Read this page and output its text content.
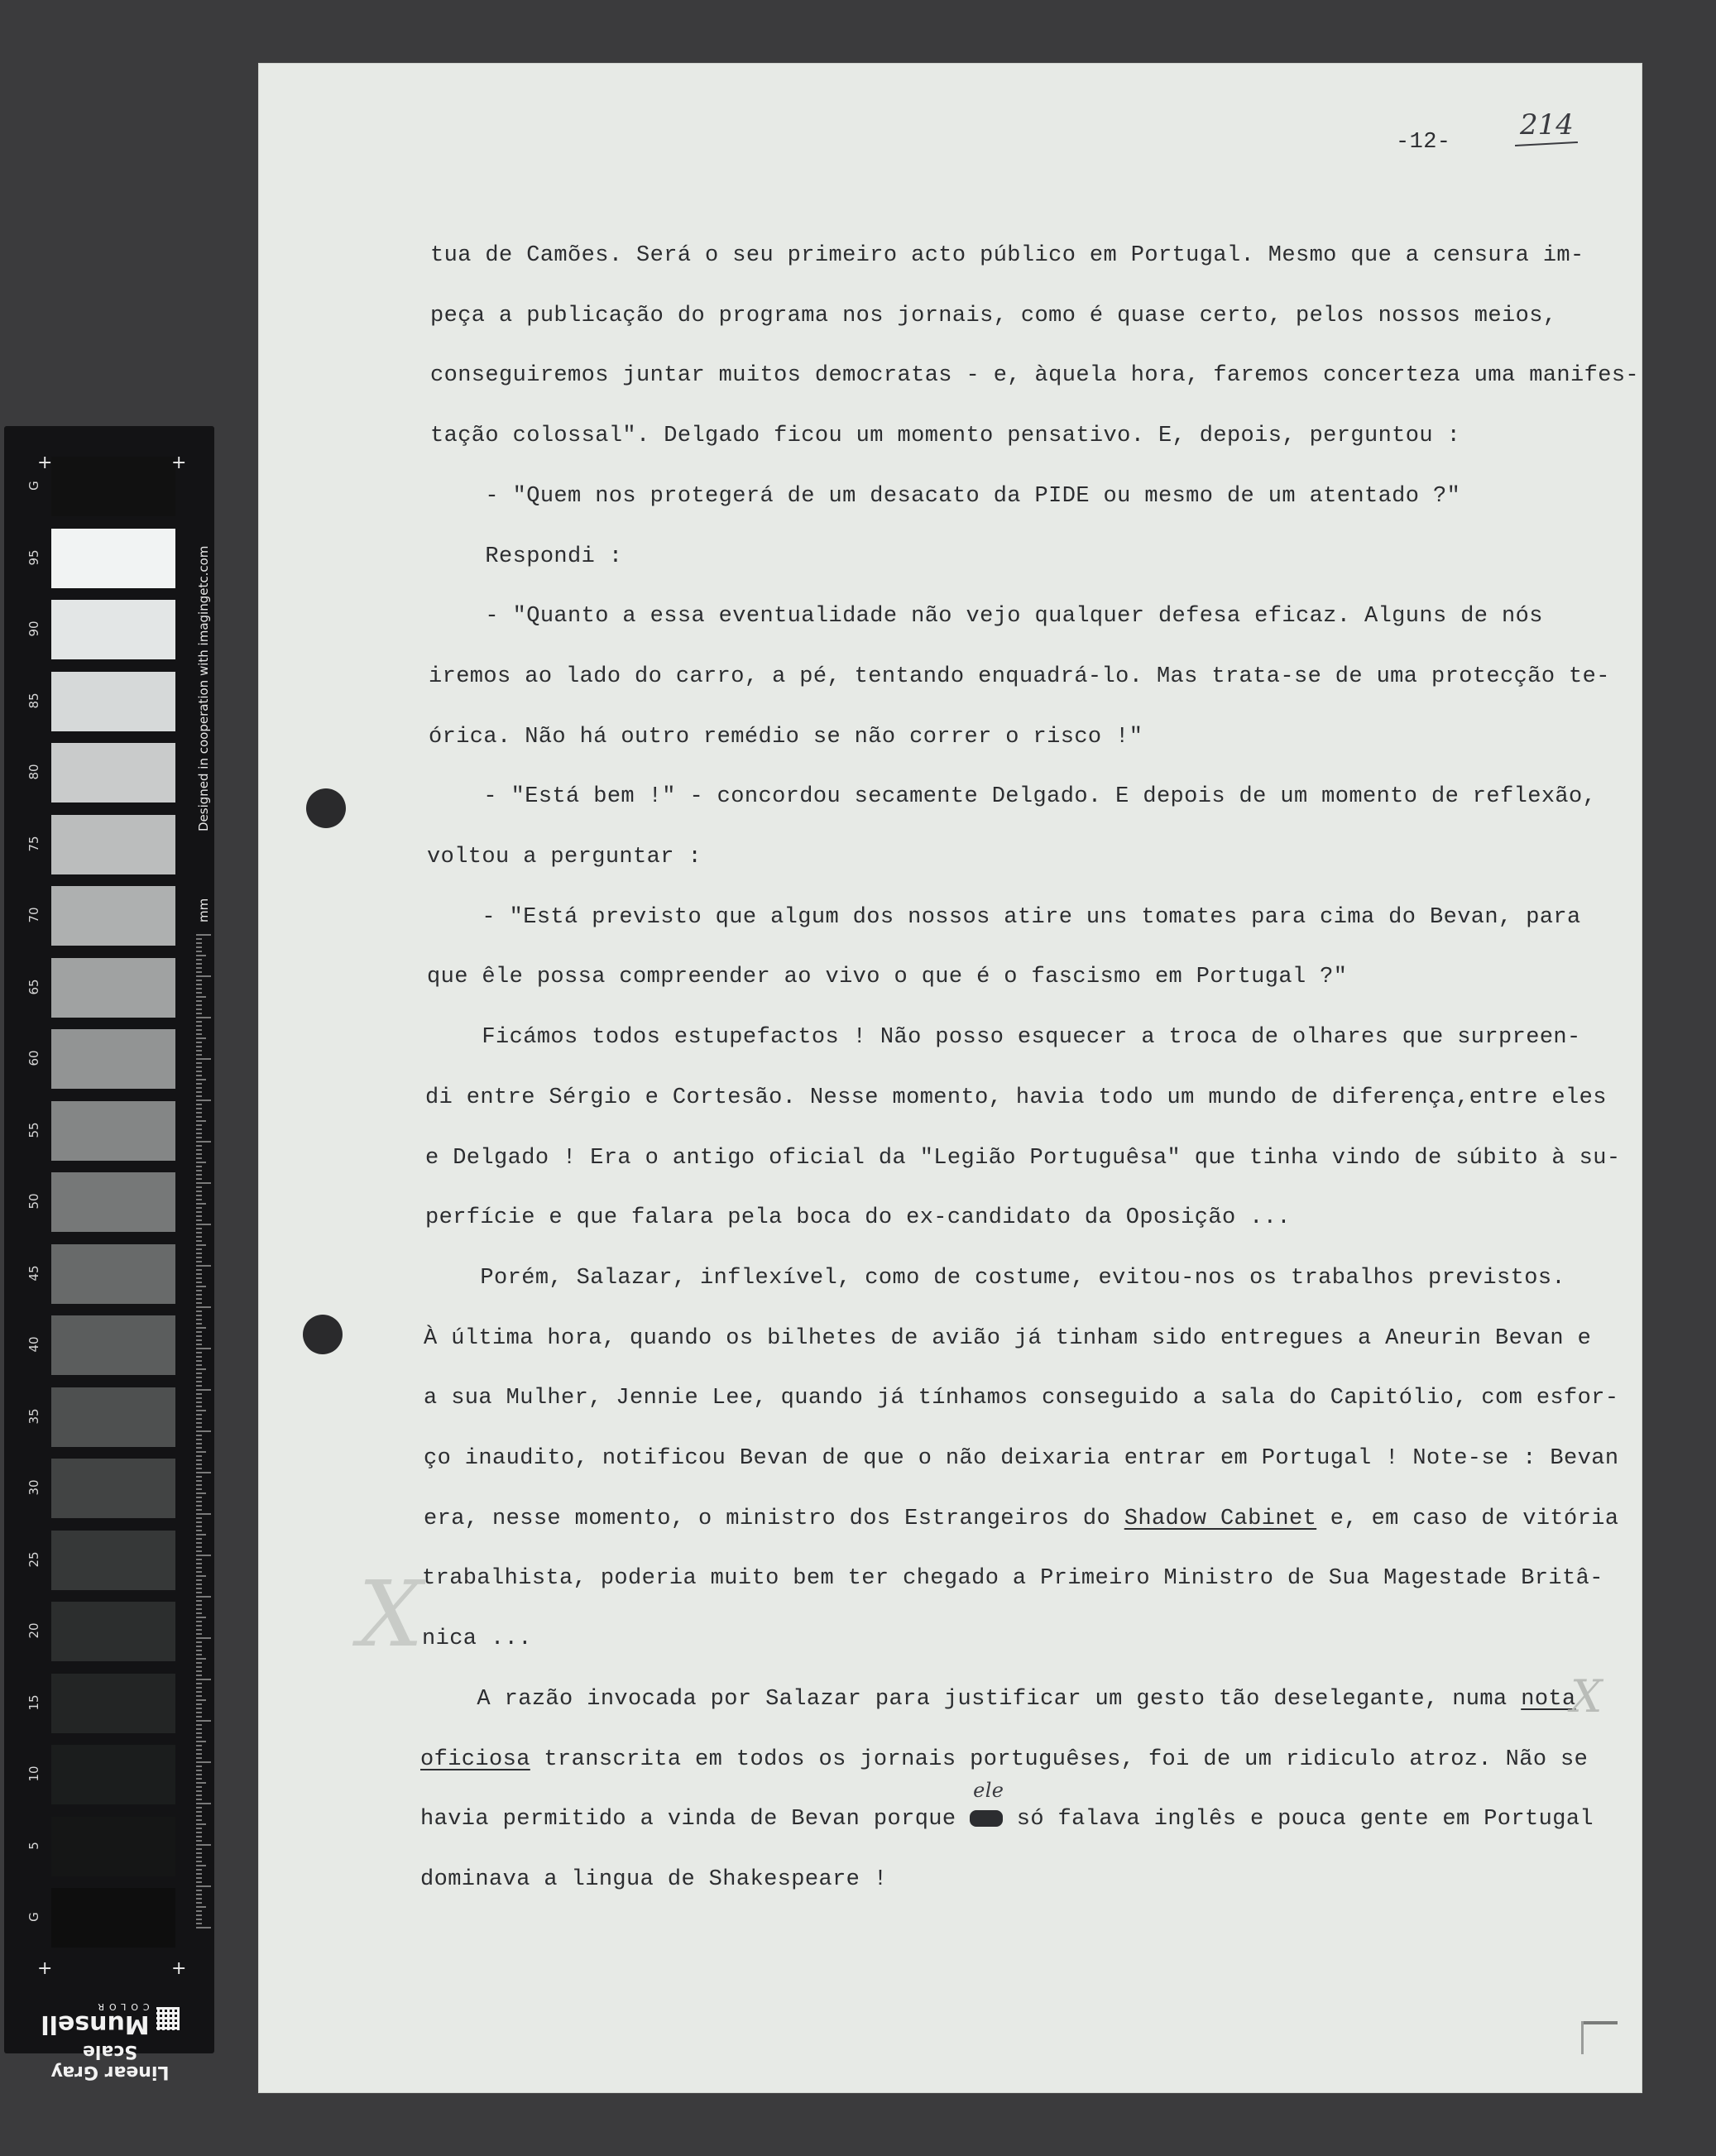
G
95
90
85
80
75
70
65
60
55
50
45
40
35
30
25
20
15
10
5
G
+	+
+	+
Designed in cooperation with imagingetc.com
mm
Linear Gray Scale
Munsell
COLOR
-12-
214
tua de Camões. Será o seu primeiro acto público em Portugal. Mesmo que a censura im-
peça a publicação do programa nos jornais, como é quase certo, pelos nossos meios,
conseguiremos juntar muitos democratas - e, àquela hora, faremos concerteza uma manifes-
tação colossal". Delgado ficou um momento pensativo. E, depois, perguntou :
- "Quem nos protegerá de um desacato da PIDE ou mesmo de um atentado ?"
Respondi :
- "Quanto a essa eventualidade não vejo qualquer defesa eficaz. Alguns de nós
iremos ao lado do carro, a pé, tentando enquadrá-lo. Mas trata-se de uma protecção te-
órica. Não há outro remédio se não correr o risco !"
- "Está bem !" - concordou secamente Delgado. E depois de um momento de reflexão,
voltou a perguntar :
- "Está previsto que algum dos nossos atire uns tomates para cima do Bevan, para
que êle possa compreender ao vivo o que é o fascismo em Portugal ?"
Ficámos todos estupefactos ! Não posso esquecer a troca de olhares que surpreen-
di entre Sérgio e Cortesão. Nesse momento, havia todo um mundo de diferença,entre eles
e Delgado ! Era o antigo oficial da "Legião Portuguêsa" que tinha vindo de súbito à su-
perfície e que falara pela boca do ex-candidato da Oposição ...
Porém, Salazar, inflexível, como de costume, evitou-nos os trabalhos previstos.
À última hora, quando os bilhetes de avião já tinham sido entregues a Aneurin Bevan e
a sua Mulher, Jennie Lee, quando já tínhamos conseguido a sala do Capitólio, com esfor-
ço inaudito, notificou Bevan de que o não deixaria entrar em Portugal ! Note-se : Bevan
era, nesse momento, o ministro dos Estrangeiros do Shadow Cabinet e, em caso de vitória
trabalhista, poderia muito bem ter chegado a Primeiro Ministro de Sua Magestade Britâ-
nica ...
A razão invocada por Salazar para justificar um gesto tão deselegante, numa nota
oficiosa transcrita em todos os jornais portuguêses, foi de um ridiculo atroz. Não se
havia permitido a vinda de Bevan porque
ele
só falava inglês e pouca gente em Portugal
dominava a lingua de Shakespeare !
X
X
